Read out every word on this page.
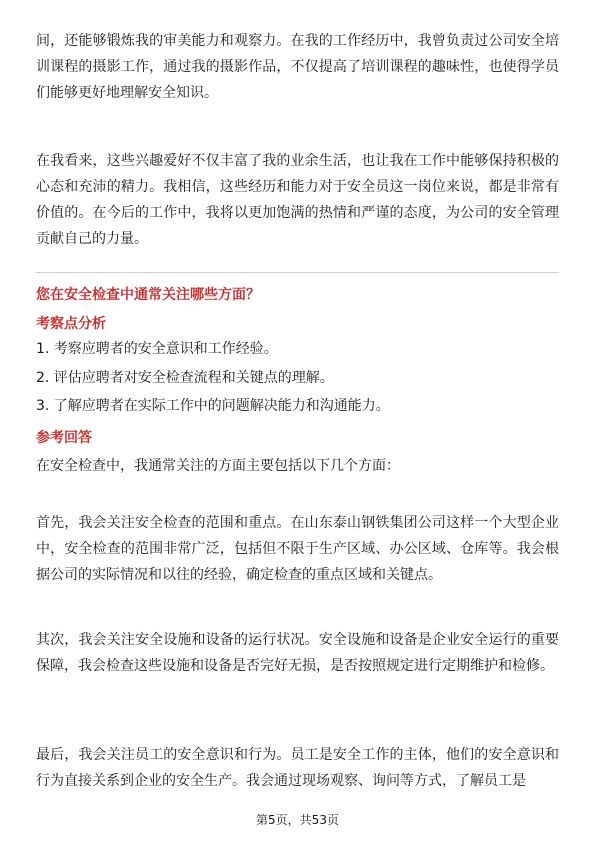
间，还能够锻炼我的审美能力和观察力。在我的工作经历中，我曾负责过公司安全培训课程的摄影工作，通过我的摄影作品，不仅提高了培训课程的趣味性，也使得学员们能够更好地理解安全知识。

在我看来，这些兴趣爱好不仅丰富了我的业余生活，也让我在工作中能够保持积极的心态和充沛的精力。我相信，这些经历和能力对于安全员这一岗位来说，都是非常有价值的。在今后的工作中，我将以更加饱满的热情和严谨的态度，为公司的安全管理贡献自己的力量。

您在安全检查中通常关注哪些方面？

考察点分析

1. 考察应聘者的安全意识和工作经验。

2. 评估应聘者对安全检查流程和关键点的理解。

3. 了解应聘者在实际工作中的问题解决能力和沟通能力。

参考回答

在安全检查中，我通常关注的方面主要包括以下几个方面：

首先，我会关注安全检查的范围和重点。在山东泰山钢铁集团公司这样一个大型企业中，安全检查的范围非常广泛，包括但不限于生产区域、办公区域、仓库等。我会根据公司的实际情况和以往的经验，确定检查的重点区域和关键点。

其次，我会关注安全设施和设备的运行状况。安全设施和设备是企业安全运行的重要保障，我会检查这些设施和设备是否完好无损，是否按照规定进行定期维护和检修。

最后，我会关注员工的安全意识和行为。员工是安全工作的主体，他们的安全意识和行为直接关系到企业的安全生产。我会通过现场观察、询问等方式，了解员工是

第5页，共53页
